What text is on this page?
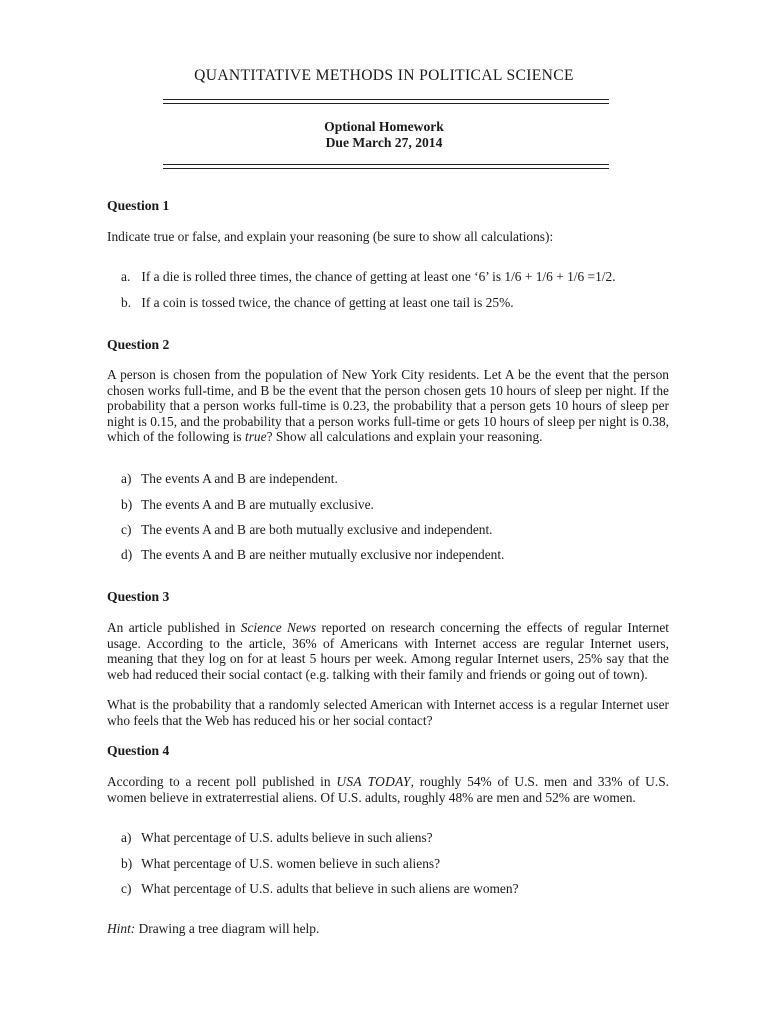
QUANTITATIVE METHODS IN POLITICAL SCIENCE
Optional Homework
Due March 27, 2014
Question 1
Indicate true or false, and explain your reasoning (be sure to show all calculations):
a. If a die is rolled three times, the chance of getting at least one ‘6’ is 1/6 + 1/6 + 1/6 =1/2.
b. If a coin is tossed twice, the chance of getting at least one tail is 25%.
Question 2
A person is chosen from the population of New York City residents. Let A be the event that the person chosen works full-time, and B be the event that the person chosen gets 10 hours of sleep per night. If the probability that a person works full-time is 0.23, the probability that a person gets 10 hours of sleep per night is 0.15, and the probability that a person works full-time or gets 10 hours of sleep per night is 0.38, which of the following is true? Show all calculations and explain your reasoning.
a) The events A and B are independent.
b) The events A and B are mutually exclusive.
c) The events A and B are both mutually exclusive and independent.
d) The events A and B are neither mutually exclusive nor independent.
Question 3
An article published in Science News reported on research concerning the effects of regular Internet usage. According to the article, 36% of Americans with Internet access are regular Internet users, meaning that they log on for at least 5 hours per week. Among regular Internet users, 25% say that the web had reduced their social contact (e.g. talking with their family and friends or going out of town).
What is the probability that a randomly selected American with Internet access is a regular Internet user who feels that the Web has reduced his or her social contact?
Question 4
According to a recent poll published in USA TODAY, roughly 54% of U.S. men and 33% of U.S. women believe in extraterrestial aliens. Of U.S. adults, roughly 48% are men and 52% are women.
a) What percentage of U.S. adults believe in such aliens?
b) What percentage of U.S. women believe in such aliens?
c) What percentage of U.S. adults that believe in such aliens are women?
Hint: Drawing a tree diagram will help.
